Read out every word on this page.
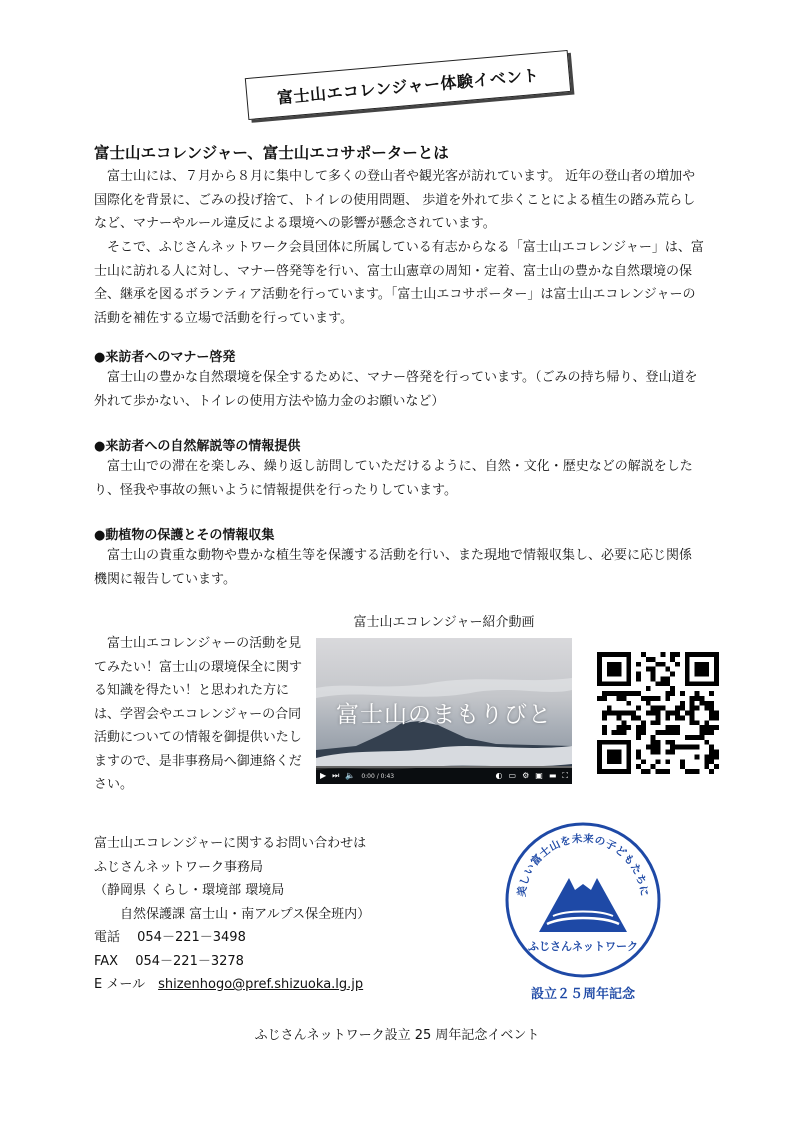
富士山エコレンジャー体験イベント
富士山エコレンジャー、富士山エコサポーターとは

富士山には、７月から８月に集中して多くの登山者や観光客が訪れています。 近年の登山者の増加や国際化を背景に、ごみの投げ捨て、トイレの使用問題、 歩道を外れて歩くことによる植生の踏み荒らしなど、マナーやルール違反による環境への影響が懸念されています。

そこで、ふじさんネットワーク会員団体に所属している有志からなる「富士山エコレンジャー」は、富士山に訪れる人に対し、マナー啓発等を行い、富士山憲章の周知・定着、富士山の豊かな自然環境の保全、継承を図るボランティア活動を行っています。「富士山エコサポーター」は富士山エコレンジャーの活動を補佐する立場で活動を行っています。

●来訪者へのマナー啓発

富士山の豊かな自然環境を保全するために、マナー啓発を行っています。（ごみの持ち帰り、登山道を外れて歩かない、トイレの使用方法や協力金のお願いなど）

●来訪者への自然解説等の情報提供

富士山での滞在を楽しみ、繰り返し訪問していただけるように、自然・文化・歴史などの解説をしたり、怪我や事故の無いように情報提供を行ったりしています。

●動植物の保護とその情報収集

富士山の貴重な動物や豊かな植生等を保護する活動を行い、また現地で情報収集し、必要に応じ関係機関に報告しています。

富士山エコレンジャー紹介動画

富士山エコレンジャーの活動を見てみたい！富士山の環境保全に関する知識を得たい！と思われた方には、学習会やエコレンジャーの合同活動についての情報を御提供いたしますので、是非事務局へ御連絡ください。

富士山のまもりびと
▶ ⏭ 🔈 0:00 / 0:43	◐ ▭ ⚙ ▣ ▬ ⛶
富士山エコレンジャーに関するお問い合わせは
ふじさんネットワーク事務局
（静岡県 くらし・環境部 環境局
　　自然保護課 富士山・南アルプス保全班内）
電話　 054－221－3498
FAX　 054－221－3278
E メール　shizenhogo@pref.shizuoka.lg.jp
美しい富士山を未来の子どもたちに
ふじさんネットワーク
設立２５周年記念
ふじさんネットワーク設立 25 周年記念イベント
